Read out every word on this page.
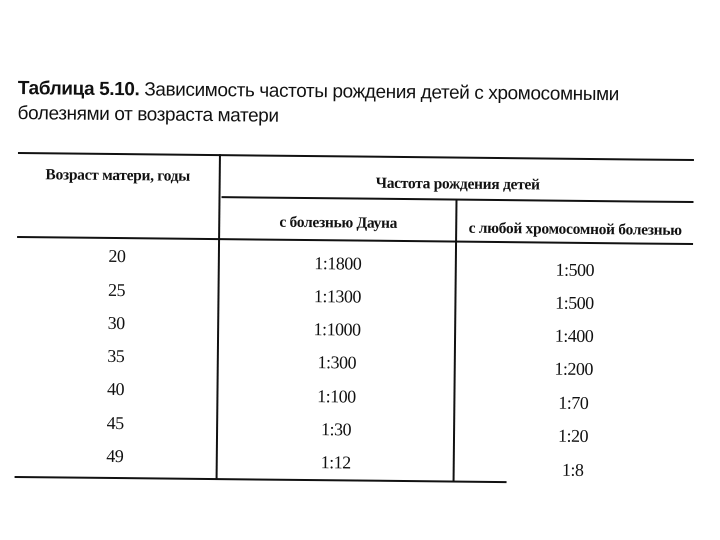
Таблица 5.10. Зависимость частоты рождения детей с хромосомными болезнями от возраста матери
Возраст матери, годы	Частота рождения детей
с болезнью Дауна	с любой хромосомной болезнью
20	1:1800	1:500
25	1:1300	1:500
30	1:1000	1:400
35	1:300	1:200
40	1:100	1:70
45	1:30	1:20
49	1:12	1:8
